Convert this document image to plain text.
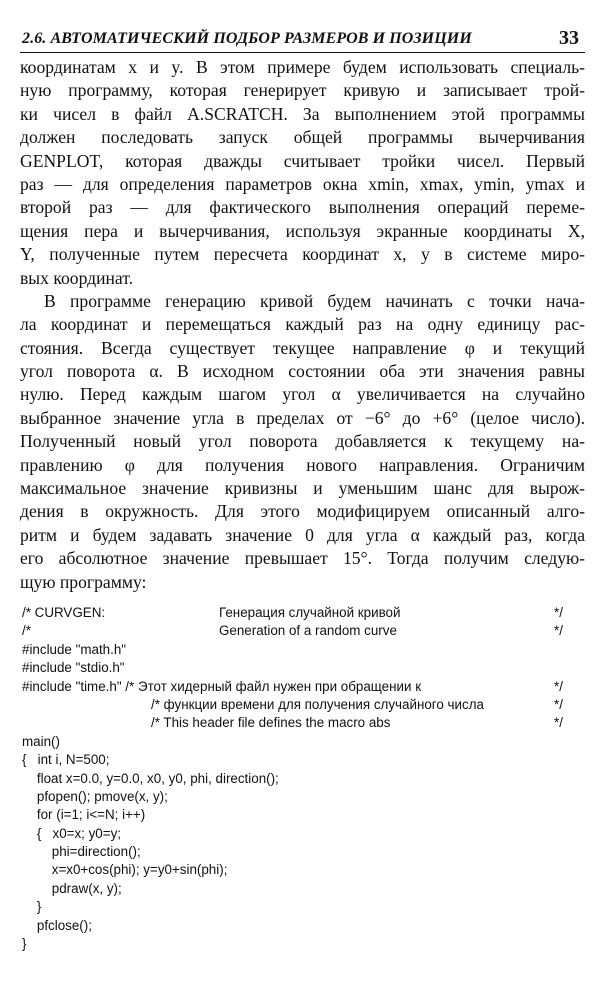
2.6. АВТОМАТИЧЕСКИЙ ПОДБОР РАЗМЕРОВ И ПОЗИЦИИ	33

координатам x и y. В этом примере будем использовать специаль-
ную программу, которая генерирует кривую и записывает трой-
ки чисел в файл A.SCRATCH. За выполнением этой программы
должен последовать запуск общей программы вычерчивания
GENPLOT, которая дважды считывает тройки чисел. Первый
раз — для определения параметров окна xmin, xmax, ymin, ymax и
второй раз — для фактического выполнения операций переме-
щения пера и вычерчивания, используя экранные координаты X,
Y, полученные путем пересчета координат x, y в системе миро-
вых координат.

В программе генерацию кривой будем начинать с точки нача-
ла координат и перемещаться каждый раз на одну единицу рас-
стояния. Всегда существует текущее направление φ и текущий
угол поворота α. В исходном состоянии оба эти значения равны
нулю. Перед каждым шагом угол α увеличивается на случайно
выбранное значение угла в пределах от −6° до +6° (целое число).
Полученный новый угол поворота добавляется к текущему на-
правлению φ для получения нового направления. Ограничим
максимальное значение кривизны и уменьшим шанс для вырож-
дения в окружность. Для этого модифицируем описанный алго-
ритм и будем задавать значение 0 для угла α каждый раз, когда
его абсолютное значение превышает 15°. Тогда получим следую-
щую программу:

/* CURVGEN:	Генерация случайной кривой	*/
/*	Generation of a random curve	*/
#include "math.h"
#include "stdio.h"
#include "time.h" /* Этот хидерный файл нужен при обращении к	*/
/* функции времени для получения случайного числа	*/
/* This header file defines the macro abs	*/
main()
{   int i, N=500;
float x=0.0, y=0.0, x0, y0, phi, direction();
pfopen(); pmove(x, y);
for (i=1; i<=N; i++)
{   x0=x; y0=y;
phi=direction();
x=x0+cos(phi); y=y0+sin(phi);
pdraw(x, y);
}
pfclose();
}
